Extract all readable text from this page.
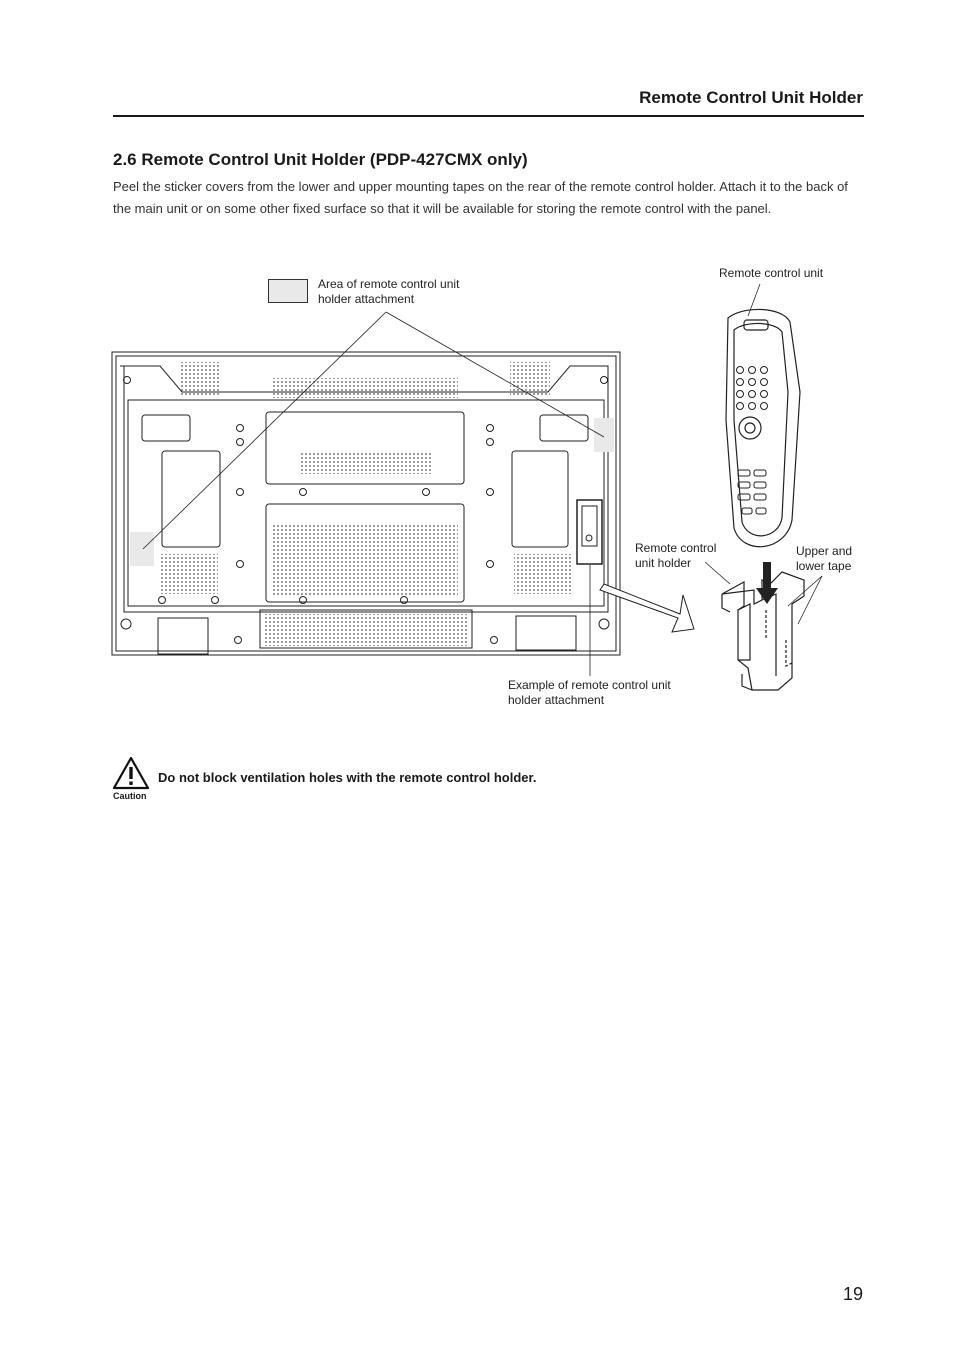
Remote Control Unit Holder
2.6 Remote Control Unit Holder (PDP-427CMX only)
Peel the sticker covers from the lower and upper mounting tapes on the rear of the remote control holder. Attach it to the back of the main unit or on some other fixed surface so that it will be available for storing the remote control with the panel.
Area of remote control unit holder attachment
Remote control unit
Remote control unit holder
Upper and lower tape
Example of remote control unit holder attachment
Caution
Do not block ventilation holes with the remote control holder.
19
